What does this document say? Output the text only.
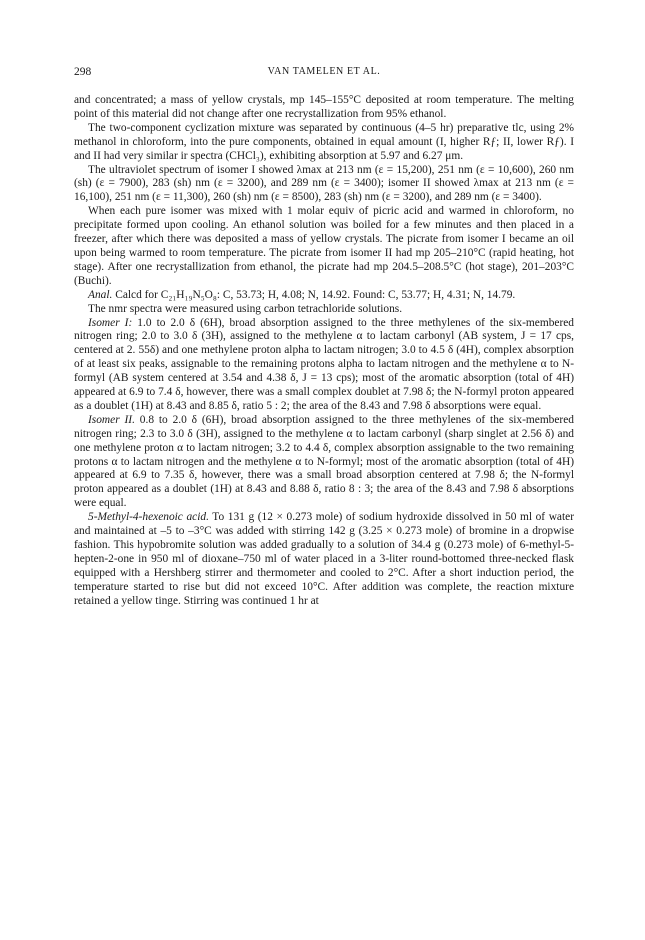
298	VAN TAMELEN ET AL.

and concentrated; a mass of yellow crystals, mp 145–155°C deposited at room temperature. The melting point of this material did not change after one recrystallization from 95% ethanol.

The two-component cyclization mixture was separated by continuous (4–5 hr) preparative tlc, using 2% methanol in chloroform, into the pure components, obtained in equal amount (I, higher Rƒ; II, lower Rƒ). I and II had very similar ir spectra (CHCl₃), exhibiting absorption at 5.97 and 6.27 μm.

The ultraviolet spectrum of isomer I showed λmax at 213 nm (ε = 15,200), 251 nm (ε = 10,600), 260 nm (sh) (ε = 7900), 283 (sh) nm (ε = 3200), and 289 nm (ε = 3400); isomer II showed λmax at 213 nm (ε = 16,100), 251 nm (ε = 11,300), 260 (sh) nm (ε = 8500), 283 (sh) nm (ε = 3200), and 289 nm (ε = 3400).

When each pure isomer was mixed with 1 molar equiv of picric acid and warmed in chloroform, no precipitate formed upon cooling. An ethanol solution was boiled for a few minutes and then placed in a freezer, after which there was deposited a mass of yellow crystals. The picrate from isomer I became an oil upon being warmed to room temperature. The picrate from isomer II had mp 205–210°C (rapid heating, hot stage). After one recrystallization from ethanol, the picrate had mp 204.5–208.5°C (hot stage), 201–203°C (Buchi).

Anal. Calcd for C₂₁H₁₉N₅O₈: C, 53.73; H, 4.08; N, 14.92. Found: C, 53.77; H, 4.31; N, 14.79.

The nmr spectra were measured using carbon tetrachloride solutions.

Isomer I: 1.0 to 2.0 δ (6H), broad absorption assigned to the three methylenes of the six-membered nitrogen ring; 2.0 to 3.0 δ (3H), assigned to the methylene α to lactam carbonyl (AB system, J = 17 cps, centered at 2. 55δ) and one methylene proton alpha to lactam nitrogen; 3.0 to 4.5 δ (4H), complex absorption of at least six peaks, assignable to the remaining protons alpha to lactam nitrogen and the methylene α to N-formyl (AB system centered at 3.54 and 4.38 δ, J = 13 cps); most of the aromatic absorption (total of 4H) appeared at 6.9 to 7.4 δ, however, there was a small complex doublet at 7.98 δ; the N-formyl proton appeared as a doublet (1H) at 8.43 and 8.85 δ, ratio 5 : 2; the area of the 8.43 and 7.98 δ absorptions were equal.

Isomer II. 0.8 to 2.0 δ (6H), broad absorption assigned to the three methylenes of the six-membered nitrogen ring; 2.3 to 3.0 δ (3H), assigned to the methylene α to lactam carbonyl (sharp singlet at 2.56 δ) and one methylene proton α to lactam nitrogen; 3.2 to 4.4 δ, complex absorption assignable to the two remaining protons α to lactam nitrogen and the methylene α to N-formyl; most of the aromatic absorption (total of 4H) appeared at 6.9 to 7.35 δ, however, there was a small broad absorption centered at 7.98 δ; the N-formyl proton appeared as a doublet (1H) at 8.43 and 8.88 δ, ratio 8 : 3; the area of the 8.43 and 7.98 δ absorptions were equal.

5-Methyl-4-hexenoic acid. To 131 g (12 × 0.273 mole) of sodium hydroxide dissolved in 50 ml of water and maintained at –5 to –3°C was added with stirring 142 g (3.25 × 0.273 mole) of bromine in a dropwise fashion. This hypobromite solution was added gradually to a solution of 34.4 g (0.273 mole) of 6-methyl-5-hepten-2-one in 950 ml of dioxane–750 ml of water placed in a 3-liter round-bottomed three-necked flask equipped with a Hershberg stirrer and thermometer and cooled to 2°C. After a short induction period, the temperature started to rise but did not exceed 10°C. After addition was complete, the reaction mixture retained a yellow tinge. Stirring was continued 1 hr at
